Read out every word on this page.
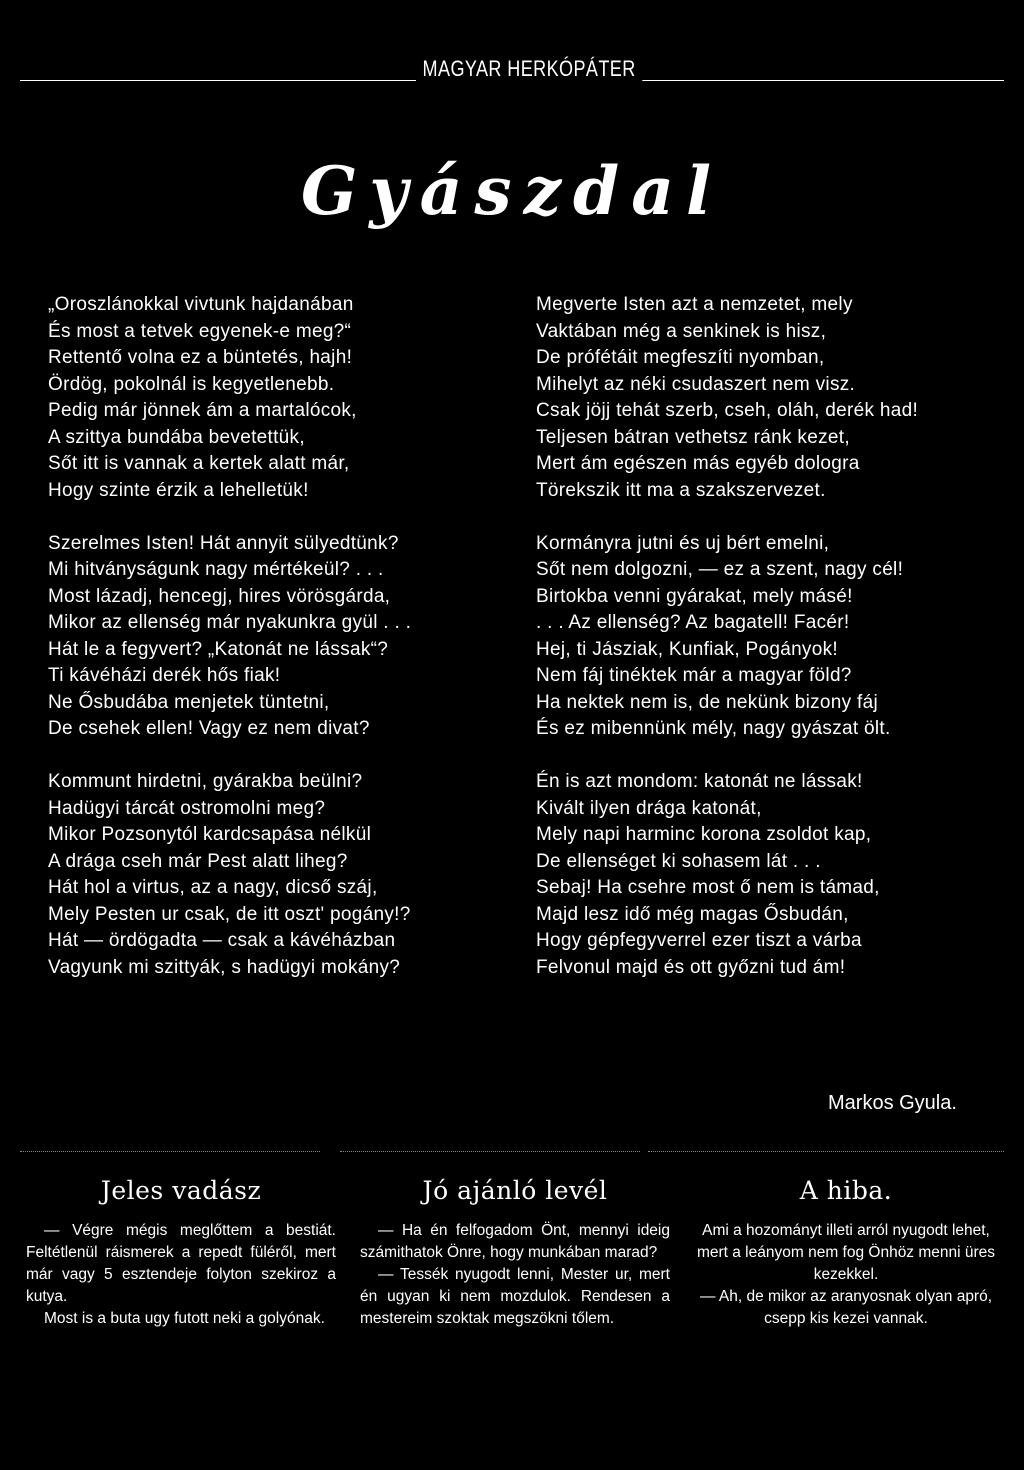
MAGYAR HERKÓPÁTER
Gyászdal
„Oroszlánokkal vivtunk hajdanában
És most a tetvek egyenek-e meg?“
Rettentő volna ez a büntetés, hajh!
Ördög, pokolnál is kegyetlenebb.
Pedig már jönnek ám a martalócok,
A szittya bundába bevetettük,
Sőt itt is vannak a kertek alatt már,
Hogy szinte érzik a lehelletük!
Szerelmes Isten! Hát annyit sülyedtünk?
Mi hitványságunk nagy mértékeül? . . .
Most lázadj, hencegj, hires vörösgárda,
Mikor az ellenség már nyakunkra gyül . . .
Hát le a fegyvert? „Katonát ne lássak“?
Ti kávéházi derék hős fiak!
Ne Ősbudába menjetek tüntetni,
De csehek ellen! Vagy ez nem divat?
Kommunt hirdetni, gyárakba beülni?
Hadügyi tárcát ostromolni meg?
Mikor Pozsonytól kardcsapása nélkül
A drága cseh már Pest alatt liheg?
Hát hol a virtus, az a nagy, dicső száj,
Mely Pesten ur csak, de itt oszt' pogány!?
Hát — ördögadta — csak a kávéházban
Vagyunk mi szittyák, s hadügyi mokány?
Megverte Isten azt a nemzetet, mely
Vaktában még a senkinek is hisz,
De prófétáit megfeszíti nyomban,
Mihelyt az néki csudaszert nem visz.
Csak jöjj tehát szerb, cseh, oláh, derék had!
Teljesen bátran vethetsz ránk kezet,
Mert ám egészen más egyéb dologra
Törekszik itt ma a szakszervezet.
Kormányra jutni és uj bért emelni,
Sőt nem dolgozni, — ez a szent, nagy cél!
Birtokba venni gyárakat, mely másé!
. . . Az ellenség? Az bagatell! Facér!
Hej, ti Jásziak, Kunfiak, Pogányok!
Nem fáj tinéktek már a magyar föld?
Ha nektek nem is, de nekünk bizony fáj
És ez mibennünk mély, nagy gyászat ölt.
Én is azt mondom: katonát ne lássak!
Kivált ilyen drága katonát,
Mely napi harminc korona zsoldot kap,
De ellenséget ki sohasem lát . . .
Sebaj! Ha csehre most ő nem is támad,
Majd lesz idő még magas Ősbudán,
Hogy gépfegyverrel ezer tiszt a várba
Felvonul majd és ott győzni tud ám!
Markos Gyula.
Jeles vadász

— Végre mégis meglőttem a bestiát. Feltétlenül ráismerek a repedt füléről, mert már vagy 5 esztendeje folyton szekiroz a kutya.

Most is a buta ugy futott neki a golyónak.

Jó ajánló levél

— Ha én felfogadom Önt, mennyi ideig számithatok Önre, hogy munkában marad?

— Tessék nyugodt lenni, Mester ur, mert én ugyan ki nem mozdulok. Rendesen a mestereim szoktak megszökni tőlem.

A hiba.

Ami a hozományt illeti arról nyugodt lehet, mert a leányom nem fog Önhöz menni üres kezekkel.

— Ah, de mikor az aranyosnak olyan apró, csepp kis kezei vannak.
